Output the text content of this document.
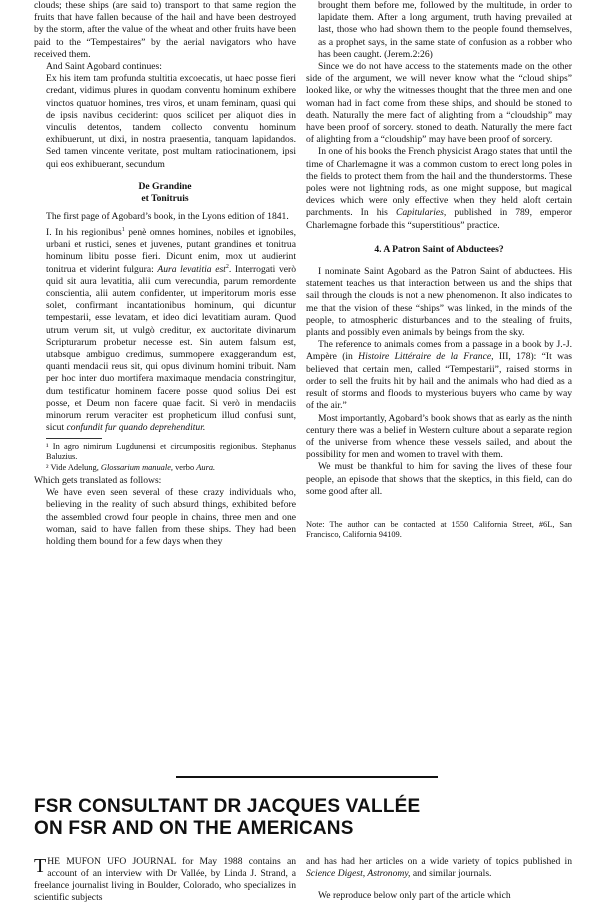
clouds; these ships (are said to) transport to that same region the fruits that have fallen because of the hail and have been destroyed by the storm, after the value of the wheat and other fruits have been paid to the “Tempestaires” by the aerial navigators who have received them.

And Saint Agobard continues:

Ex his item tam profunda stultitia excoecatis, ut haec posse fieri credant, vidimus plures in quodam conventu hominum exhibere vinctos quatuor homines, tres viros, et unam feminam, quasi qui de ipsis navibus ceciderint: quos scilicet per aliquot dies in vinculis detentos, tandem collecto conventu hominum exhibuerunt, ut dixi, in nostra praesentia, tanquam lapidandos. Sed tamen vincente veritate, post multam ratiocinationem, ipsi qui eos exhibuerant, secundum

De Grandine
et Tonitruis

The first page of Agobard’s book, in the Lyons edition of 1841.

I. In his regionibus$^1$ penè omnes homines, nobiles et ignobiles, urbani et rustici, senes et juvenes, putant grandines et tonitrua hominum libitu posse fieri. Dicunt enim, mox ut audierint tonitrua et viderint fulgura: Aura levatitia est$^2$. Interrogati verò quid sit aura levatitia, alii cum verecundia, parum remordente conscientia, alii autem confidenter, ut imperitorum moris esse solet, confirmant incantationibus hominum, qui dicuntur tempestarii, esse levatam, et ideo dici levatitiam auram. Quod utrum verum sit, ut vulgò creditur, ex auctoritate divinarum Scripturarum probetur necesse est. Sin autem falsum est, utabsque ambiguo credimus, summopere exaggerandum est, quanti mendacii reus sit, qui opus divinum homini tribuit. Nam per hoc inter duo mortifera maximaque mendacia constringitur, dum testificatur hominem facere posse quod solius Dei est posse, et Deum non facere quae facit. Si verò in mendaciis minorum rerum veraciter est propheticum illud confusi sunt, sicut confundit fur quando deprehenditur.

¹ In agro nimirum Lugdunensi et circumpositis regionibus. Stephanus Baluzius.

² Vide Adelung, Glossarium manuale, verbo Aura.

Which gets translated as follows:

We have even seen several of these crazy individuals who, believing in the reality of such absurd things, exhibited before the assembled crowd four people in chains, three men and one woman, said to have fallen from these ships. They had been holding them bound for a few days when they

brought them before me, followed by the multitude, in order to lapidate them. After a long argument, truth having prevailed at last, those who had shown them to the people found themselves, as a prophet says, in the same state of confusion as a robber who has been caught. (Jerem.2:26)

Since we do not have access to the statements made on the other side of the argument, we will never know what the “cloud ships” looked like, or why the witnesses thought that the three men and one woman had in fact come from these ships, and should be stoned to death. Naturally the mere fact of alighting from a “cloudship” may have been proof of sorcery. stoned to death. Naturally the mere fact of alighting from a “cloudship” may have been proof of sorcery.

In one of his books the French physicist Arago states that until the time of Charlemagne it was a common custom to erect long poles in the fields to protect them from the hail and the thunderstorms. These poles were not lightning rods, as one might suppose, but magical devices which were only effective when they held aloft certain parchments. In his Capitularies, published in 789, emperor Charlemagne forbade this “superstitious” practice.

4. A Patron Saint of Abductees?

I nominate Saint Agobard as the Patron Saint of abductees. His statement teaches us that interaction between us and the ships that sail through the clouds is not a new phenomenon. It also indicates to me that the vision of these “ships” was linked, in the minds of the people, to atmospheric disturbances and to the stealing of fruits, plants and possibly even animals by beings from the sky.

The reference to animals comes from a passage in a book by J.-J. Ampère (in Histoire Littéraire de la France, III, 178): “It was believed that certain men, called “Tempestarii”, raised storms in order to sell the fruits hit by hail and the animals who had died as a result of storms and floods to mysterious buyers who came by way of the air.”

Most importantly, Agobard’s book shows that as early as the ninth century there was a belief in Western culture about a separate region of the universe from whence these vessels sailed, and about the possibility for men and women to travel with them.

We must be thankful to him for saving the lives of these four people, an episode that shows that the skeptics, in this field, can do some good after all.

Note: The author can be contacted at 1550 California Street, #6L, San Francisco, California 94109.

FSR CONSULTANT DR JACQUES VALLÉE
ON FSR AND ON THE AMERICANS

THE MUFON UFO JOURNAL for May 1988 contains an account of an interview with Dr Vallée, by Linda J. Strand, a freelance journalist living in Boulder, Colorado, who specializes in scientific subjects

and has had her articles on a wide variety of topics published in Science Digest, Astronomy, and similar journals.

We reproduce below only part of the article which
